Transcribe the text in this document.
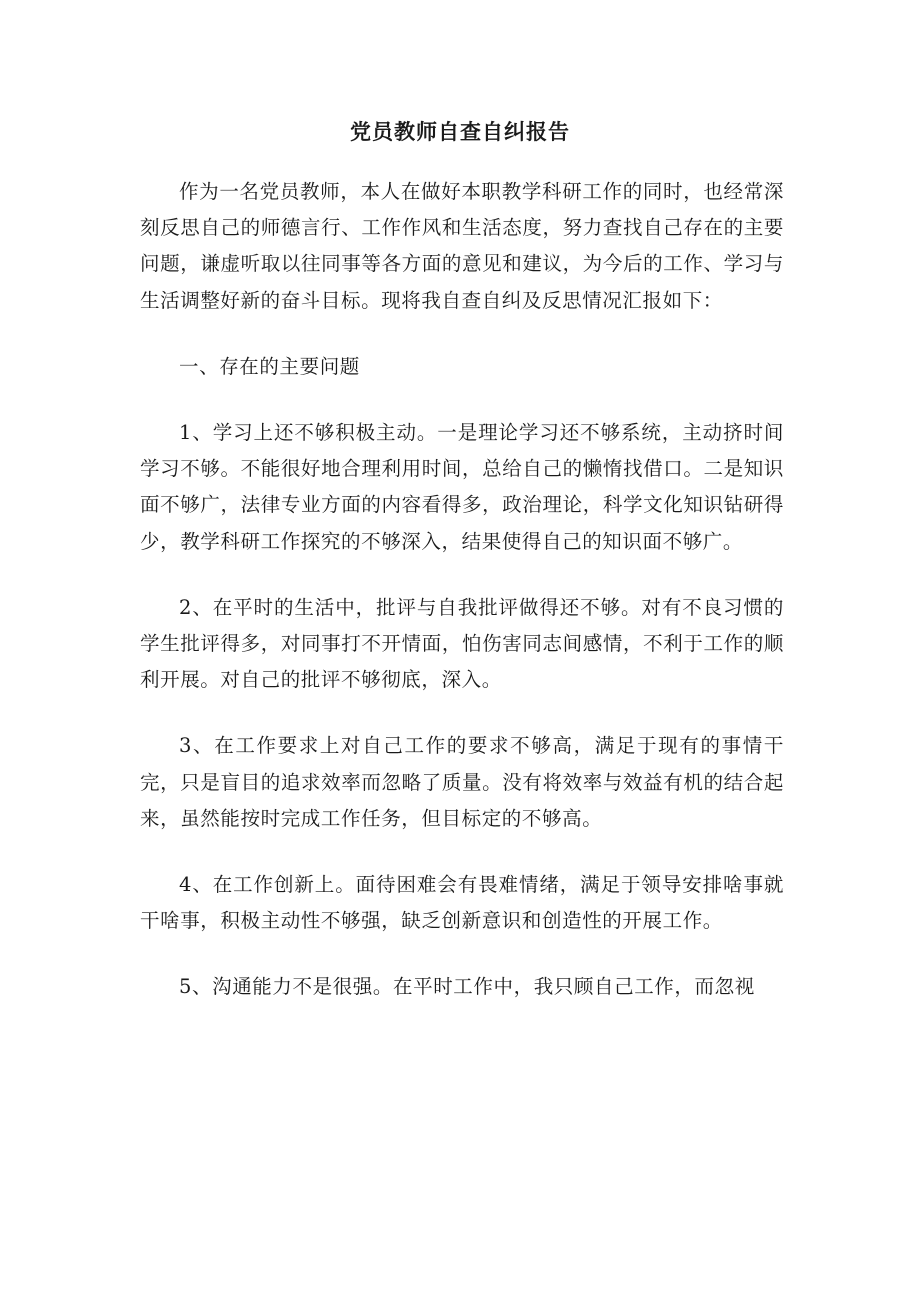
党员教师自查自纠报告

作为一名党员教师，本人在做好本职教学科研工作的同时，也经常深刻反思自己的师德言行、工作作风和生活态度，努力查找自己存在的主要问题，谦虚听取以往同事等各方面的意见和建议，为今后的工作、学习与生活调整好新的奋斗目标。现将我自查自纠及反思情况汇报如下：

一、存在的主要问题

1、学习上还不够积极主动。一是理论学习还不够系统，主动挤时间学习不够。不能很好地合理利用时间，总给自己的懒惰找借口。二是知识面不够广，法律专业方面的内容看得多，政治理论，科学文化知识钻研得少，教学科研工作探究的不够深入，结果使得自己的知识面不够广。

2、在平时的生活中，批评与自我批评做得还不够。对有不良习惯的学生批评得多，对同事打不开情面，怕伤害同志间感情，不利于工作的顺利开展。对自己的批评不够彻底，深入。

3、在工作要求上对自己工作的要求不够高，满足于现有的事情干完，只是盲目的追求效率而忽略了质量。没有将效率与效益有机的结合起来，虽然能按时完成工作任务，但目标定的不够高。

4、在工作创新上。面待困难会有畏难情绪，满足于领导安排啥事就干啥事，积极主动性不够强，缺乏创新意识和创造性的开展工作。

5、沟通能力不是很强。在平时工作中，我只顾自己工作，而忽视
